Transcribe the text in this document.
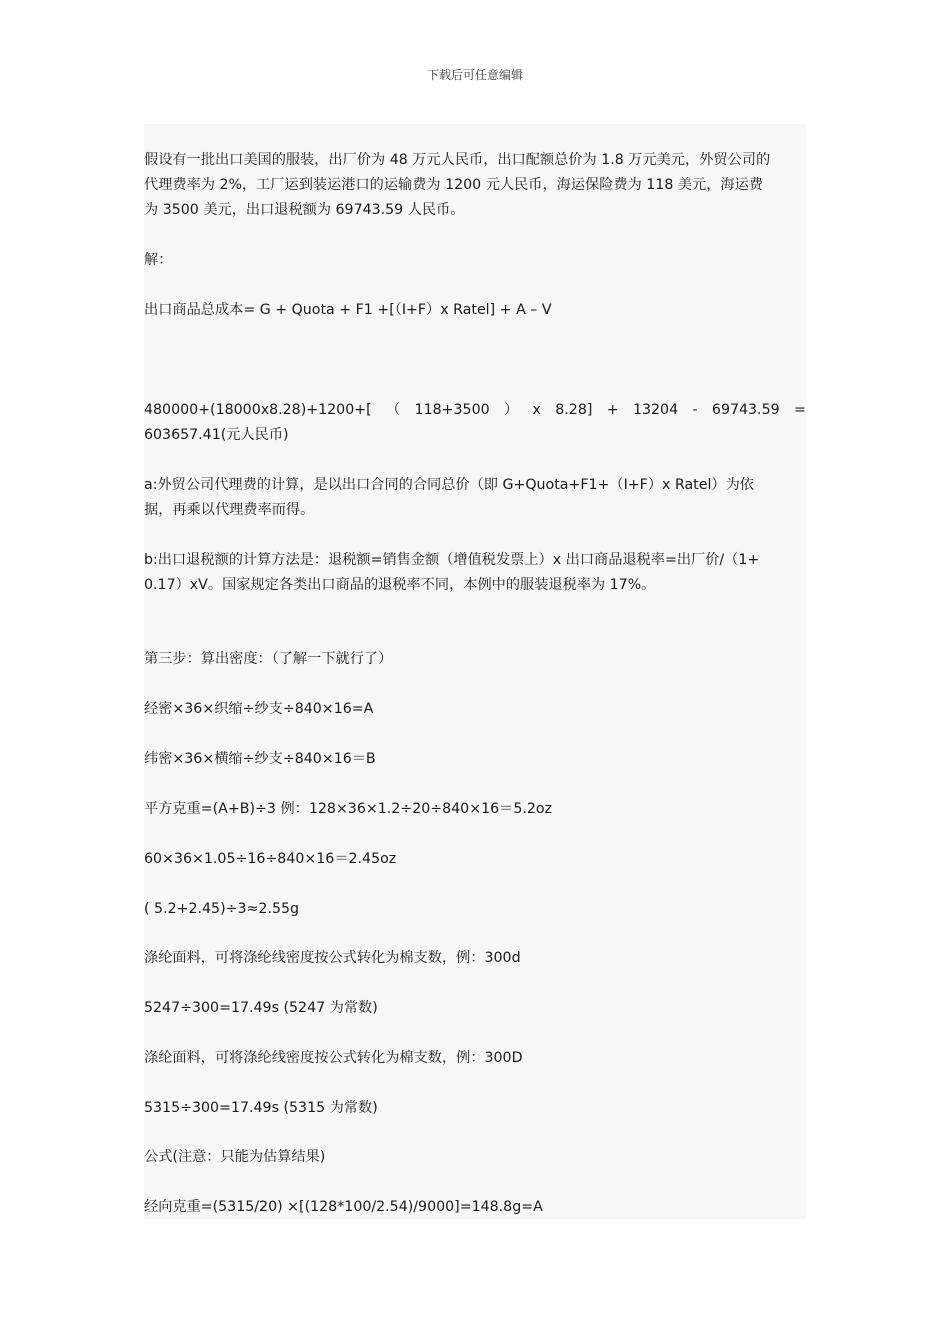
下载后可任意编辑
假设有一批出口美国的服装，出厂价为 48 万元人民币，出口配额总价为 1.8 万元美元，外贸公司的
代理费率为 2%，工厂运到装运港口的运输费为 1200 元人民币，海运保险费为 118 美元，海运费
为 3500 美元，出口退税额为 69743.59 人民币。
解：
出口商品总成本= G + Quota + F1 +[（I+F）x Ratel] + A – V
480000+(18000x8.28)+1200+[ （ 118+3500 ） x 8.28] + 13204 - 69743.59 =
603657.41(元人民币)
a:外贸公司代理费的计算，是以出口合同的合同总价（即 G+Quota+F1+（I+F）x Ratel）为依
据，再乘以代理费率而得。
b:出口退税额的计算方法是：退税额=销售金额（增值税发票上）x 出口商品退税率=出厂价/（1+
0.17）xV。国家规定各类出口商品的退税率不同，本例中的服装退税率为 17%。
第三步：算出密度：（了解一下就行了）
经密×36×织缩÷纱支÷840×16=A
纬密×36×横缩÷纱支÷840×16＝B
平方克重=(A+B)÷3 例：128×36×1.2÷20÷840×16＝5.2oz
60×36×1.05÷16÷840×16＝2.45oz
( 5.2+2.45)÷3≈2.55g
涤纶面料，可将涤纶线密度按公式转化为棉支数，例：300d
5247÷300=17.49s (5247 为常数)
涤纶面料，可将涤纶线密度按公式转化为棉支数，例：300D
5315÷300=17.49s (5315 为常数)
公式(注意：只能为估算结果)
经向克重=(5315/20) ×[(128*100/2.54)/9000]=148.8g=A
